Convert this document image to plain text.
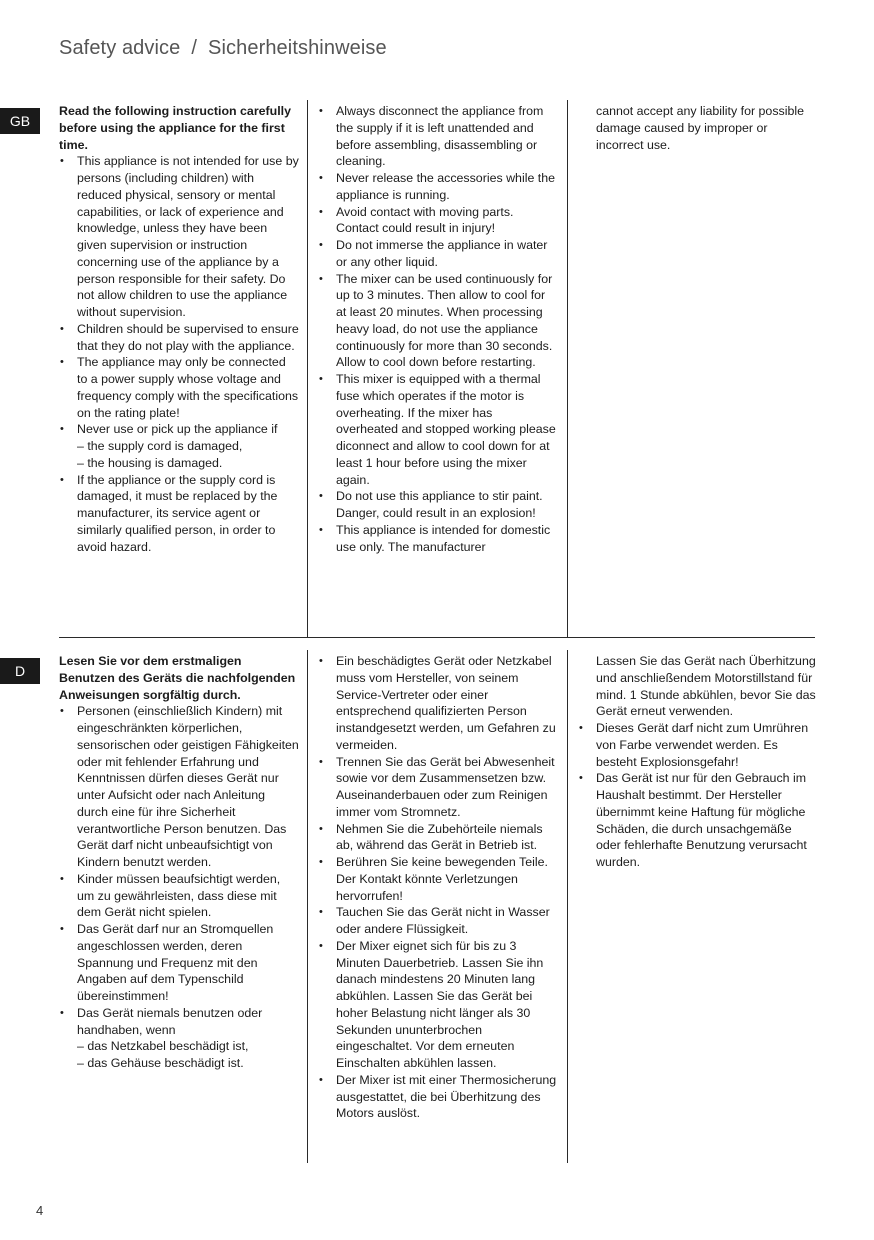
Safety advice / Sicherheitshinweise
GB
Read the following instruction carefully before using the appliance for the first time.
• This appliance is not intended for use by persons (including children) with reduced physical, sensory or mental capabilities, or lack of experience and knowledge, unless they have been given supervision or instruction concerning use of the appliance by a person responsible for their safety. Do not allow children to use the appliance without supervision.
• Children should be supervised to ensure that they do not play with the appliance.
• The appliance may only be connected to a power supply whose voltage and frequency comply with the specifications on the rating plate!
• Never use or pick up the appliance if
– the supply cord is damaged,
– the housing is damaged.
• If the appliance or the supply cord is damaged, it must be replaced by the manufacturer, its service agent or similarly qualified person, in order to avoid hazard.
• Always disconnect the appliance from the supply if it is left unattended and before assembling, disassembling or cleaning.
• Never release the accessories while the appliance is running.
• Avoid contact with moving parts. Contact could result in injury!
• Do not immerse the appliance in water or any other liquid.
• The mixer can be used continuously for up to 3 minutes. Then allow to cool for at least 20 minutes. When processing heavy load, do not use the appliance continuously for more than 30 seconds. Allow to cool down before restarting.
• This mixer is equipped with a thermal fuse which operates if the motor is overheating. If the mixer has overheated and stopped working please diconnect and allow to cool down for at least 1 hour before using the mixer again.
• Do not use this appliance to stir paint. Danger, could result in an explosion!
• This appliance is intended for domestic use only. The manufacturer
cannot accept any liability for possible damage caused by improper or incorrect use.
D
Lesen Sie vor dem erstmaligen Benutzen des Geräts die nachfolgenden Anweisungen sorgfältig durch.
• Personen (einschließlich Kindern) mit eingeschränkten körperlichen, sensorischen oder geistigen Fähigkeiten oder mit fehlender Erfahrung und Kenntnissen dürfen dieses Gerät nur unter Aufsicht oder nach Anleitung durch eine für ihre Sicherheit verantwortliche Person benutzen. Das Gerät darf nicht unbeaufsichtigt von Kindern benutzt werden.
• Kinder müssen beaufsichtigt werden, um zu gewährleisten, dass diese mit dem Gerät nicht spielen.
• Das Gerät darf nur an Stromquellen angeschlossen werden, deren Spannung und Frequenz mit den Angaben auf dem Typenschild übereinstimmen!
• Das Gerät niemals benutzen oder handhaben, wenn
– das Netzkabel beschädigt ist,
– das Gehäuse beschädigt ist.
• Ein beschädigtes Gerät oder Netzkabel muss vom Hersteller, von seinem Service-Vertreter oder einer entsprechend qualifizierten Person instandgesetzt werden, um Gefahren zu vermeiden.
• Trennen Sie das Gerät bei Abwesenheit sowie vor dem Zusammensetzen bzw. Auseinanderbauen oder zum Reinigen immer vom Stromnetz.
• Nehmen Sie die Zubehörteile niemals ab, während das Gerät in Betrieb ist.
• Berühren Sie keine bewegenden Teile. Der Kontakt könnte Verletzungen hervorrufen!
• Tauchen Sie das Gerät nicht in Wasser oder andere Flüssigkeit.
• Der Mixer eignet sich für bis zu 3 Minuten Dauerbetrieb. Lassen Sie ihn danach mindestens 20 Minuten lang abkühlen. Lassen Sie das Gerät bei hoher Belastung nicht länger als 30 Sekunden ununterbrochen eingeschaltet. Vor dem erneuten Einschalten abkühlen lassen.
• Der Mixer ist mit einer Thermosicherung ausgestattet, die bei Überhitzung des Motors auslöst.
Lassen Sie das Gerät nach Überhitzung und anschließendem Motorstillstand für mind. 1 Stunde abkühlen, bevor Sie das Gerät erneut verwenden.
• Dieses Gerät darf nicht zum Umrühren von Farbe verwendet werden. Es besteht Explosionsgefahr!
• Das Gerät ist nur für den Gebrauch im Haushalt bestimmt. Der Hersteller übernimmt keine Haftung für mögliche Schäden, die durch unsachgemäße oder fehlerhafte Benutzung verursacht wurden.
4
